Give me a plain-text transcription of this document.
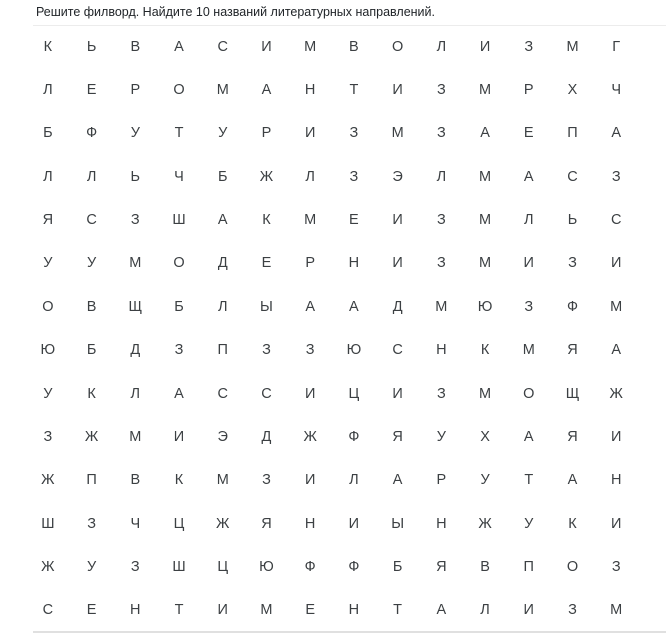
Решите филворд. Найдите 10 названий литературных направлений.
К	Ь	В	А	С	И	М	В	О	Л	И	З	М	Г
Л	Е	Р	О	М	А	Н	Т	И	З	М	Р	Х	Ч
Б	Ф	У	Т	У	Р	И	З	М	З	А	Е	П	А
Л	Л	Ь	Ч	Б	Ж	Л	З	Э	Л	М	А	С	З
Я	С	З	Ш	А	К	М	Е	И	З	М	Л	Ь	С
У	У	М	О	Д	Е	Р	Н	И	З	М	И	З	И
О	В	Щ	Б	Л	Ы	А	А	Д	М	Ю	З	Ф	М
Ю	Б	Д	З	П	З	З	Ю	С	Н	К	М	Я	А
У	К	Л	А	С	С	И	Ц	И	З	М	О	Щ	Ж
З	Ж	М	И	Э	Д	Ж	Ф	Я	У	Х	А	Я	И
Ж	П	В	К	М	З	И	Л	А	Р	У	Т	А	Н
Ш	З	Ч	Ц	Ж	Я	Н	И	Ы	Н	Ж	У	К	И
Ж	У	З	Ш	Ц	Ю	Ф	Ф	Б	Я	В	П	О	З
С	Е	Н	Т	И	М	Е	Н	Т	А	Л	И	З	М
